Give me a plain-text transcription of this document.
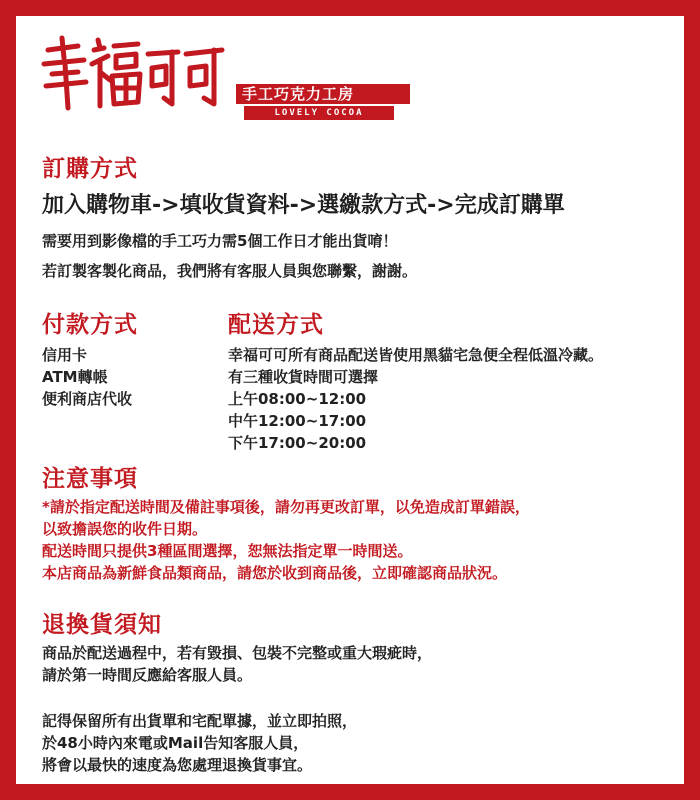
手工巧克力工房
LOVELY COCOA
訂購方式
加入購物車->填收貨資料->選繳款方式->完成訂購單
需要用到影像檔的手工巧力需5個工作日才能出貨唷！
若訂製客製化商品，我們將有客服人員與您聯繫，謝謝。
付款方式
信用卡
ATM轉帳
便利商店代收
配送方式
幸福可可所有商品配送皆使用黑貓宅急便全程低溫冷藏。
有三種收貨時間可選擇
上午08:00~12:00
中午12:00~17:00
下午17:00~20:00
注意事項
*請於指定配送時間及備註事項後，請勿再更改訂單，以免造成訂單錯誤，
以致擔誤您的收件日期。
配送時間只提供3種區間選擇，恕無法指定單一時間送。
本店商品為新鮮食品類商品，請您於收到商品後，立即確認商品狀況。
退換貨須知
商品於配送過程中，若有毀損、包裝不完整或重大瑕疵時，
請於第一時間反應給客服人員。
記得保留所有出貨單和宅配單據，並立即拍照，
於48小時內來電或Mail告知客服人員，
將會以最快的速度為您處理退換貨事宜。
